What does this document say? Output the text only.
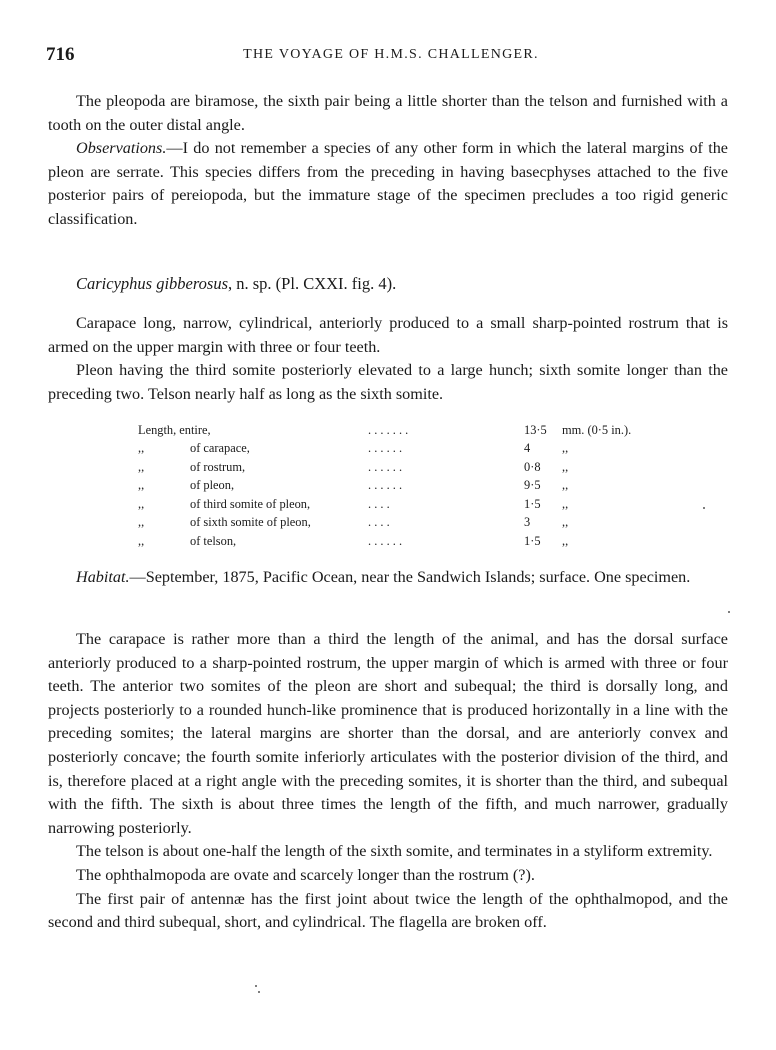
716	THE VOYAGE OF H.M.S. CHALLENGER.

The pleopoda are biramose, the sixth pair being a little shorter than the telson and furnished with a tooth on the outer distal angle.

Observations.—I do not remember a species of any other form in which the lateral margins of the pleon are serrate. This species differs from the preceding in having basecphyses attached to the five posterior pairs of pereiopoda, but the immature stage of the specimen precludes a too rigid generic classification.

Caricyphus gibberosus, n. sp. (Pl. CXXI. fig. 4).

Carapace long, narrow, cylindrical, anteriorly produced to a small sharp-pointed rostrum that is armed on the upper margin with three or four teeth.

Pleon having the third somite posteriorly elevated to a large hunch; sixth somite longer than the preceding two. Telson nearly half as long as the sixth somite.

Length, entire,		. . . . . . .	13·5	mm. (0·5 in.).
,,	of carapace,	. . . . . .	4	,,
,,	of rostrum,	. . . . . .	0·8	,,
,,	of pleon,	. . . . . .	9·5	,,
,,	of third somite of pleon,	. . . .	1·5	,,
,,	of sixth somite of pleon,	. . . .	3	,,
,,	of telson,	. . . . . .	1·5	,,

Habitat.—September, 1875, Pacific Ocean, near the Sandwich Islands; surface. One specimen.

The carapace is rather more than a third the length of the animal, and has the dorsal surface anteriorly produced to a sharp-pointed rostrum, the upper margin of which is armed with three or four teeth. The anterior two somites of the pleon are short and subequal; the third is dorsally long, and projects posteriorly to a rounded hunch-like prominence that is produced horizontally in a line with the preceding somites; the lateral margins are shorter than the dorsal, and are anteriorly convex and posteriorly concave; the fourth somite inferiorly articulates with the posterior division of the third, and is, therefore placed at a right angle with the preceding somites, it is shorter than the third, and subequal with the fifth. The sixth is about three times the length of the fifth, and much narrower, gradually narrowing posteriorly.

The telson is about one-half the length of the sixth somite, and terminates in a styliform extremity.

The ophthalmopoda are ovate and scarcely longer than the rostrum (?).

The first pair of antennæ has the first joint about twice the length of the ophthalmopod, and the second and third subequal, short, and cylindrical. The flagella are broken off.
